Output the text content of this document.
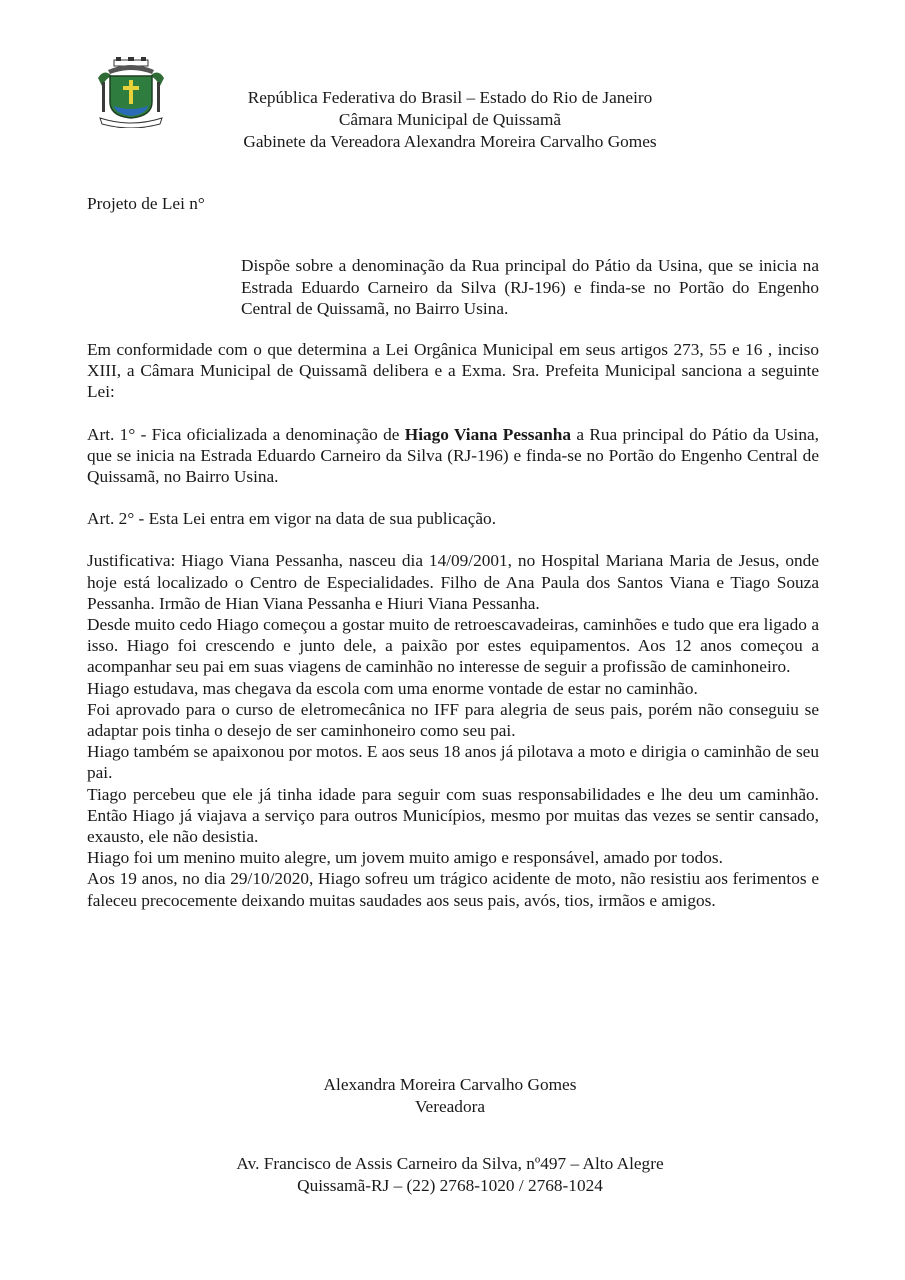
República Federativa do Brasil – Estado do Rio de Janeiro
Câmara Municipal de Quissamã
Gabinete da Vereadora Alexandra Moreira Carvalho Gomes
Projeto de Lei n°
Dispõe sobre a denominação da Rua principal do Pátio da Usina, que se inicia na Estrada Eduardo Carneiro da Silva (RJ-196) e finda-se no Portão do Engenho Central de Quissamã, no Bairro Usina.

Em conformidade com o que determina a Lei Orgânica Municipal em seus artigos 273, 55 e 16 , inciso XIII, a Câmara Municipal de Quissamã delibera e a Exma. Sra. Prefeita Municipal sanciona a seguinte Lei:

Art. 1° - Fica oficializada a denominação de Hiago Viana Pessanha a Rua principal do Pátio da Usina, que se inicia na Estrada Eduardo Carneiro da Silva (RJ-196) e finda-se no Portão do Engenho Central de Quissamã, no Bairro Usina.

Art. 2° - Esta Lei entra em vigor na data de sua publicação.

Justificativa: Hiago Viana Pessanha, nasceu dia 14/09/2001, no Hospital Mariana Maria de Jesus, onde hoje está localizado o Centro de Especialidades. Filho de Ana Paula dos Santos Viana e Tiago Souza Pessanha. Irmão de Hian Viana Pessanha e Hiuri Viana Pessanha.

Desde muito cedo Hiago começou a gostar muito de retroescavadeiras, caminhões e tudo que era ligado a isso. Hiago foi crescendo e junto dele, a paixão por estes equipamentos. Aos 12 anos começou a acompanhar seu pai em suas viagens de caminhão no interesse de seguir a profissão de caminhoneiro.

Hiago estudava, mas chegava da escola com uma enorme vontade de estar no caminhão.

Foi aprovado para o curso de eletromecânica no IFF para alegria de seus pais, porém não conseguiu se adaptar pois tinha o desejo de ser caminhoneiro como seu pai.

Hiago também se apaixonou por motos. E aos seus 18 anos já pilotava a moto e dirigia o caminhão de seu pai.

Tiago percebeu que ele já tinha idade para seguir com suas responsabilidades e lhe deu um caminhão. Então Hiago já viajava a serviço para outros Municípios, mesmo por muitas das vezes se sentir cansado, exausto, ele não desistia.

Hiago foi um menino muito alegre, um jovem muito amigo e responsável, amado por todos.

Aos 19 anos, no dia 29/10/2020, Hiago sofreu um trágico acidente de moto, não resistiu aos ferimentos e faleceu precocemente deixando muitas saudades aos seus pais, avós, tios, irmãos e amigos.

Alexandra Moreira Carvalho Gomes
Vereadora
Av. Francisco de Assis Carneiro da Silva, nº497 – Alto Alegre
Quissamã-RJ – (22) 2768-1020 / 2768-1024
